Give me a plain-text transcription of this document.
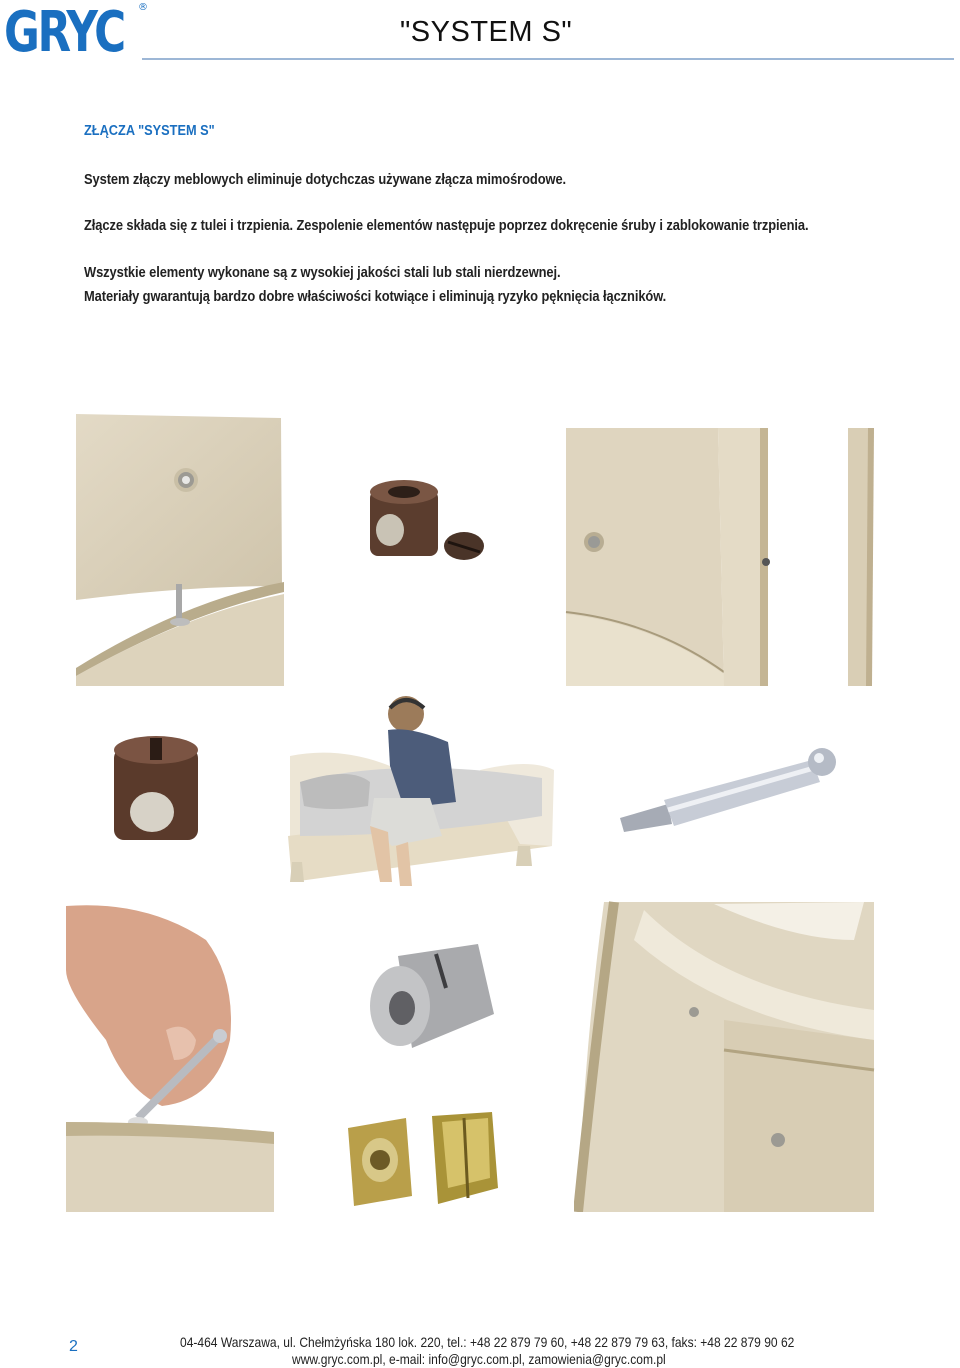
GRYC ®
"SYSTEM S"
ZŁĄCZA "SYSTEM S"
System złączy meblowych eliminuje dotychczas używane złącza mimośrodowe.
Złącze składa się z tulei i trzpienia. Zespolenie elementów następuje poprzez dokręcenie śruby i zablokowanie trzpienia.
Wszystkie elementy wykonane są z wysokiej jakości stali lub stali nierdzewnej.
Materiały gwarantują bardzo dobre właściwości kotwiące i eliminują ryzyko pęknięcia łączników.
2	04-464 Warszawa, ul. Chełmżyńska 180 lok. 220, tel.: +48 22 879 79 60, +48 22 879 79 63, faks: +48 22 879 90 62
www.gryc.com.pl, e-mail: info@gryc.com.pl, zamowienia@gryc.com.pl
